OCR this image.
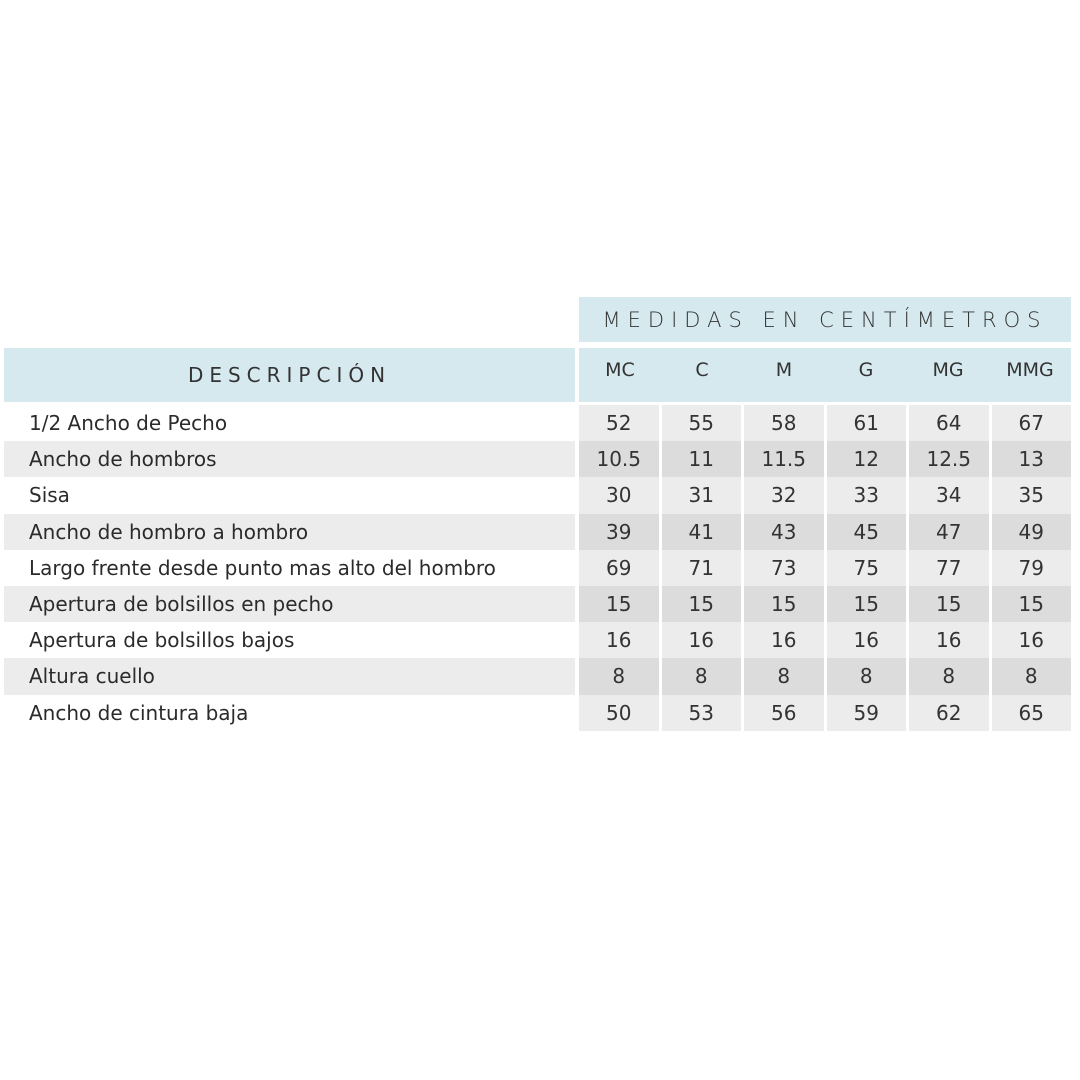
MEDIDAS EN CENTÍMETROS
DESCRIPCIÓN	MC	C	M	G	MG	MMG
1/2 Ancho de Pecho	52	55	58	61	64	67
Ancho de hombros	10.5	11	11.5	12	12.5	13
Sisa	30	31	32	33	34	35
Ancho de hombro a hombro	39	41	43	45	47	49
Largo frente desde punto mas alto del hombro	69	71	73	75	77	79
Apertura de bolsillos en pecho	15	15	15	15	15	15
Apertura de bolsillos bajos	16	16	16	16	16	16
Altura cuello	8	8	8	8	8	8
Ancho de cintura baja	50	53	56	59	62	65
